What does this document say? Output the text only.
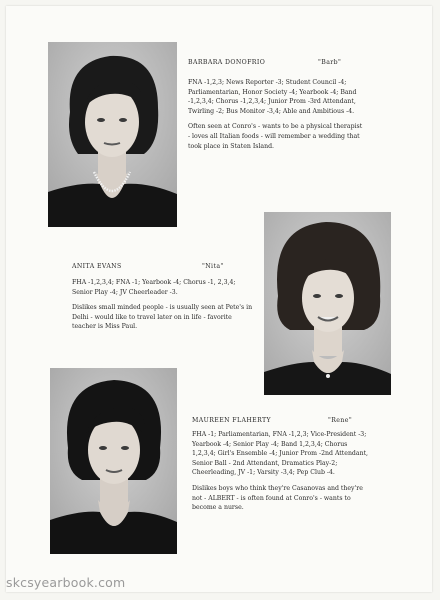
BARBARA DONOFRIO	"Barb"

FNA -1,2,3; News Reporter -3; Student Council -4; Parliamentarian, Honor Society -4; Yearbook -4; Band -1,2,3,4; Chorus -1,2,3,4; Junior Prom -3rd Attendant, Twirling -2; Bus Monitor -3,4; Able and Ambitious -4.

Often seen at Conro's - wants to be a physical therapist - loves all Italian foods - will remember a wedding that took place in Staten Island.

ANITA EVANS	"Nita"

FHA -1,2,3,4; FNA -1; Yearbook -4; Chorus -1, 2,3,4; Senior Play -4; JV Cheerleader -3.

Dislikes small minded people - is usually seen at Pete's in Delhi - would like to travel later on in life - favorite teacher is Miss Paul.

MAUREEN FLAHERTY	"Rene"

FHA -1; Parliamentarian, FNA -1,2,3; Vice-President -3; Yearbook -4; Senior Play -4; Band 1,2,3,4; Chorus 1,2,3,4; Girl's Ensemble -4; Junior Prom -2nd Attendant, Senior Ball - 2nd Attendant, Dramatics Play-2; Cheerleading, JV -1; Varsity -3,4; Pep Club -4.

Dislikes boys who think they're Casanovas and they're not - ALBERT - is often found at Conro's - wants to become a nurse.

skcsyearbook.com
